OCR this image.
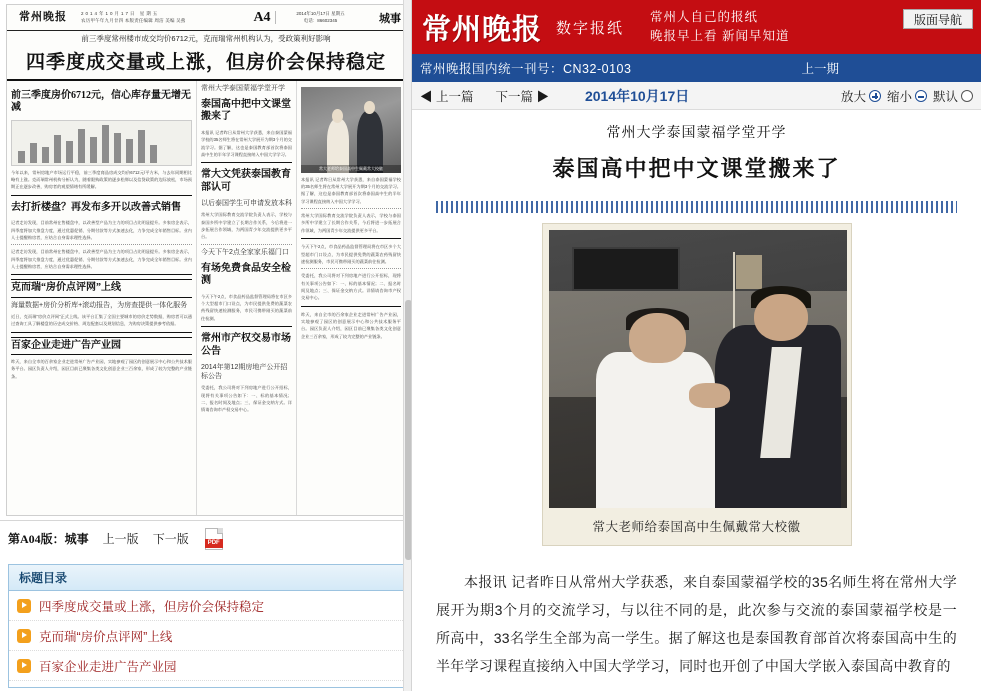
常州晚报	2014年10月17日 星期五
农历甲午年九月廿四 本版责任编辑 周洁 美编 吴燕	A4	2014年10月17日 星期五
电话：86602345	城事
前三季度常州楼市成交均价6712元，克而瑞常州机构认为，受政策利好影响
四季度成交量或上涨，但房价会保持稳定
前三季度房价6712元，信心库存量无增无减
今年以来，常州房地产市场运行平稳，前三季度商品房成交均价6712元/平方米，与去年同期相比略有上涨。克而瑞常州机构分析认为，随着限购政策的逐步松绑以及信贷政策的边际放松，市场预期正在逐步改善，购房者的观望情绪有所缓解。
去打折楼盘？再发布多开以改善式销售
记者走访发现，目前常州在售楼盘中，以改善型产品为主力的项目占比明显提升。多家房企表示，四季度将加大推盘力度，通过优惠促销、分期付款等方式加速去化，力争完成全年销售目标。业内人士提醒购房者，应结合自身需求理性选择。
记者走访发现，目前常州在售楼盘中，以改善型产品为主力的项目占比明显提升。多家房企表示，四季度将加大推盘力度，通过优惠促销、分期付款等方式加速去化，力争完成全年销售目标。业内人士提醒购房者，应结合自身需求理性选择。
克而瑞“房价点评网”上线
海量数据+房价分析库+滚动报告，为房查提供一体化服务
近日，克而瑞“房价点评网”正式上线。该平台汇集了全国主要城市的房价走势数据，购房者可以通过查询工具了解楼盘的历史成交价格、周边配套以及规划信息，为购房决策提供参考依据。
百家企业走进广告产业园
昨天，来自全市的百余家企业走进常州广告产业园，实地参观了园区的创意展示中心和公共技术服务平台。园区负责人介绍，园区目前已聚集各类文化创意企业三百余家，形成了较为完整的产业链条。
常州大学泰国蒙福学堂开学
泰国高中把中文课堂搬来了
本报讯 记者昨日从常州大学获悉，来自泰国蒙福学校的35名师生将在常州大学展开为期3个月的交流学习。据了解，这也是泰国教育部首次将泰国高中生的半年学习课程直接纳入中国大学学习。
常大文凭获泰国教育部认可
以后泰国学生可申请发放本科
常州大学国际教育交流学院负责人表示，学校与泰国多所中学建立了长期合作关系，今后将进一步拓展合作领域，为两国青少年交流提供更多平台。
今天下午2点全家家乐福门口
有场免费食品安全检测
今天下午2点，市食品药品监督管理局将在市区多个大型超市门口设点，为市民提供免费的蔬菜农药残留快速检测服务，市民可携带刚买的蔬菜前往检测。
常州市产权交易市场公告
2014年第12期房地产公开招标公告
受委托，我公司将对下列房地产进行公开招标，现将有关事项公告如下：一、标的基本情况；二、报名时间及地点；三、保证金交纳方式。详情请咨询市产权交易中心。
常大老师给泰国高中生佩戴常大校徽
本报讯 记者昨日从常州大学获悉，来自泰国蒙福学校的35名师生将在常州大学展开为期3个月的交流学习。据了解，这也是泰国教育部首次将泰国高中生的半年学习课程直接纳入中国大学学习。
常州大学国际教育交流学院负责人表示，学校与泰国多所中学建立了长期合作关系，今后将进一步拓展合作领域，为两国青少年交流提供更多平台。
今天下午2点，市食品药品监督管理局将在市区多个大型超市门口设点，为市民提供免费的蔬菜农药残留快速检测服务，市民可携带刚买的蔬菜前往检测。
受委托，我公司将对下列房地产进行公开招标，现将有关事项公告如下：一、标的基本情况；二、报名时间及地点；三、保证金交纳方式。详情请咨询市产权交易中心。
昨天，来自全市的百余家企业走进常州广告产业园，实地参观了园区的创意展示中心和公共技术服务平台。园区负责人介绍，园区目前已聚集各类文化创意企业三百余家，形成了较为完整的产业链条。
第A04版：城事 上一版 下一版	PDF
标题目录
四季度成交量或上涨，但房价会保持稳定
克而瑞“房价点评网”上线
百家企业走进广告产业园
常州晚报 数字报纸
常州人自己的报纸
晚报早上看 新闻早知道
版面导航
常州晚报国内统一刊号：CN32-0103	上一期
◀ 上一篇 下一篇 ▶	2014年10月17日	放大 缩小 默认
常州大学泰国蒙福学堂开学
泰国高中把中文课堂搬来了
常大老师给泰国高中生佩戴常大校徽
本报讯 记者昨日从常州大学获悉，来自泰国蒙福学校的35名师生将在常州大学展开为期3个月的交流学习，与以往不同的是，此次参与交流的泰国蒙福学校是一所高中，33名学生全部为高一学生。据了解这也是泰国教育部首次将泰国高中生的半年学习课程直接纳入中国大学学习，同时也开创了中国大学嵌入泰国高中教育的
